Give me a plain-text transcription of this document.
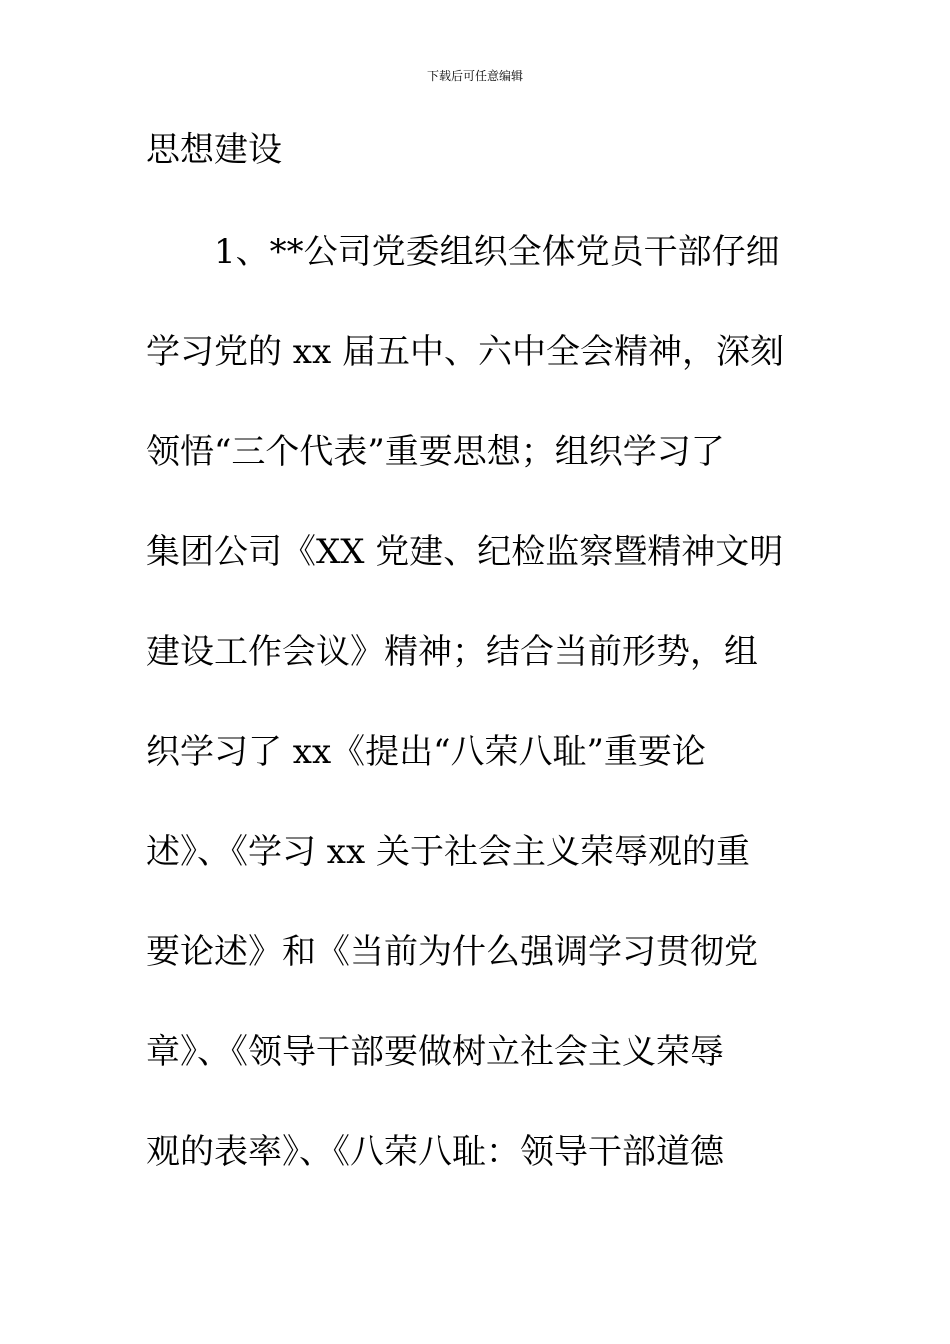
下载后可任意编辑
思想建设
1、**公司党委组织全体党员干部仔细
学习党的 xx 届五中、六中全会精神，深刻
领悟“三个代表”重要思想；组织学习了
集团公司《XX 党建、纪检监察暨精神文明
建设工作会议》精神；结合当前形势，组
织学习了 xx《提出“八荣八耻”重要论
述》、《学习 xx 关于社会主义荣辱观的重
要论述》和《当前为什么强调学习贯彻党
章》、《领导干部要做树立社会主义荣辱
观的表率》、《八荣八耻：领导干部道德
